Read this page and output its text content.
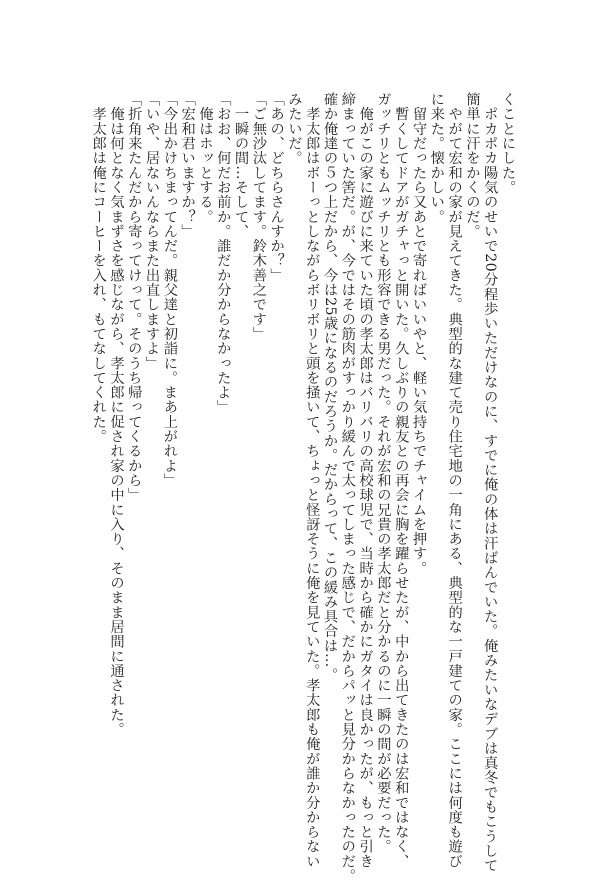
くことにした。

　ポカポカ陽気のせいで20分程歩いただけなのに、すでに俺の体は汗ばんでいた。俺みたいなデブは真冬でもこうして

簡単に汗をかくのだ。

　やがて宏和の家が見えてきた。典型的な建て売り住宅地の一角にある、典型的な一戸建ての家。ここには何度も遊び

に来た。懐かしい。

　留守だったら又あとで寄ればいいやと、軽い気持ちでチャイムを押す。

　暫くしてドアがガチャっと開いた。久しぶりの親友との再会に胸を躍らせたが、中から出てきたのは宏和ではなく、

ガッチリともムッチリとも形容できる男だった。それが宏和の兄貴の孝太郎だと分かるのに一瞬の間が必要だった。

　俺がこの家に遊びに来ていた頃の孝太郎はバリバリの高校球児で、当時から確かにガタイは良かったが、もっと引き

締まっていた筈だ。が、今ではその筋肉がすっかり緩んで太ってしまった感じで、だからパッと見分からなかったのだ。

確か俺達の５つ上だから、今は25歳になるのだろうか。だからって、この緩み具合は…。

　孝太郎はボーっとしながらボリボリと頭を掻いて、ちょっと怪訝そうに俺を見ていた。孝太郎も俺が誰か分からない

みたいだ。

「あの、どちらさんすか？」

「ご無沙汰してます。鈴木善之です」

　一瞬の間…そして、

「おお、何だお前か。誰だか分からなかったよ」

　俺はホッとする。

「宏和君いますか？」

「今出かけちまってんだ。親父達と初詣に。まあ上がれよ」

「いや、居ないんならまた出直しますよ」

「折角来たんだから寄ってけって。そのうち帰ってくるから」

　俺は何となく気まずさを感じながら、孝太郎に促され家の中に入り、そのまま居間に通された。

　孝太郎は俺にコーヒーを入れ、もてなしてくれた。
